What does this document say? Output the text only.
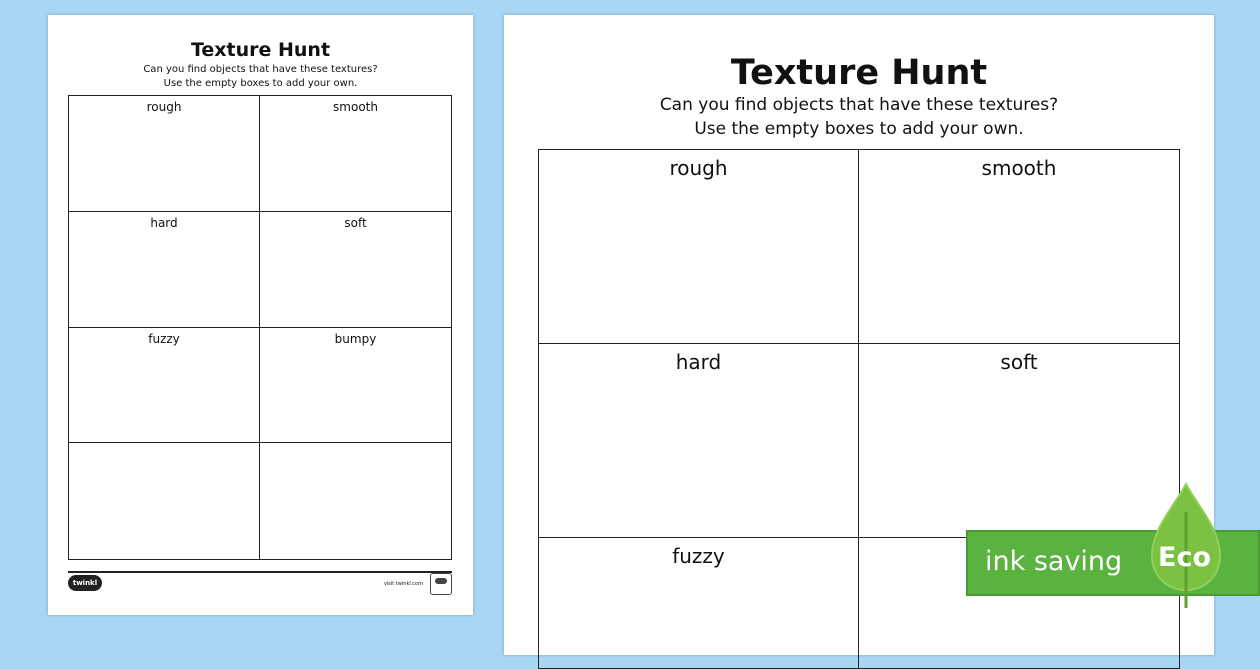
Texture Hunt
Can you find objects that have these textures?
Use the empty boxes to add your own.
rough	smooth
hard	soft
fuzzy	bumpy
twinkl	visit twinkl.com
Texture Hunt
Can you find objects that have these textures?
Use the empty boxes to add your own.
rough	smooth
hard	soft
fuzzy	ink saving Eco
